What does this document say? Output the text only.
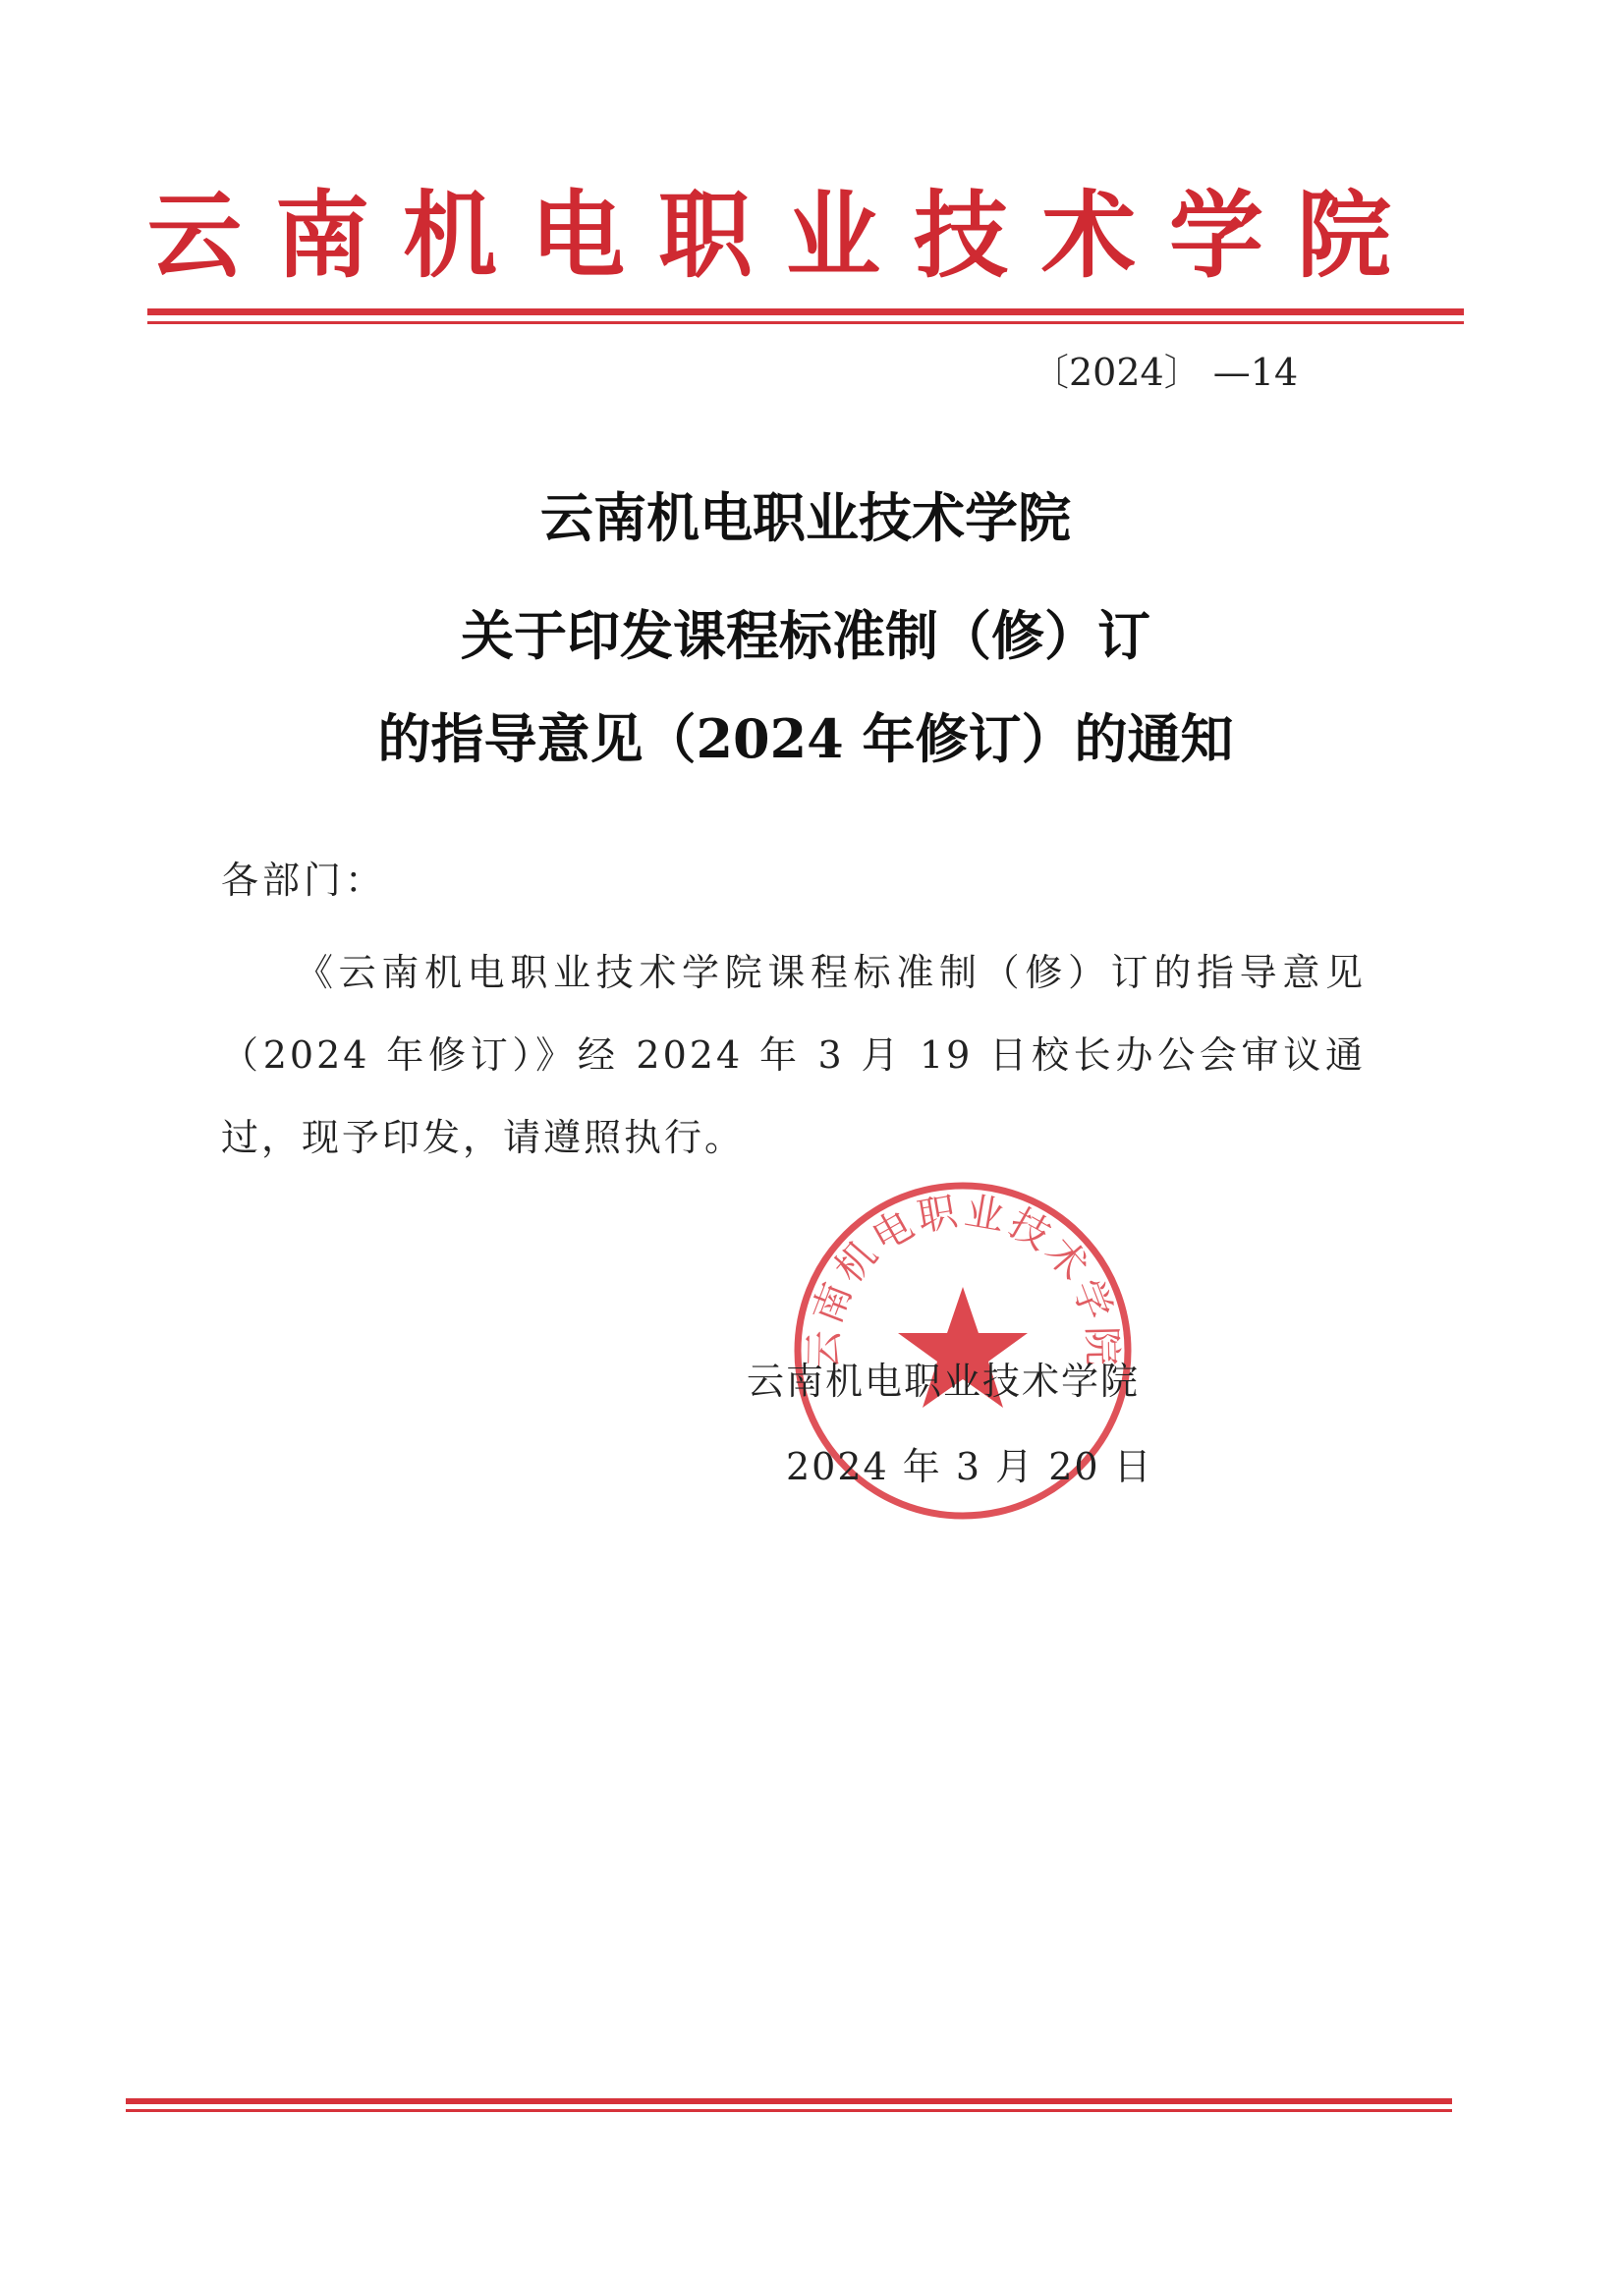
云南机电职业技术学院
〔2024〕 —14
云南机电职业技术学院
关于印发课程标准制（修）订
的指导意见（2024 年修订）的通知
各部门：
《云南机电职业技术学院课程标准制（修）订的指导意见（2024 年修订）》经 2024 年 3 月 19 日校长办公会审议通过，现予印发，请遵照执行。
云南机电职业技术学院
云南机电职业技术学院
2024 年 3 月 20 日
